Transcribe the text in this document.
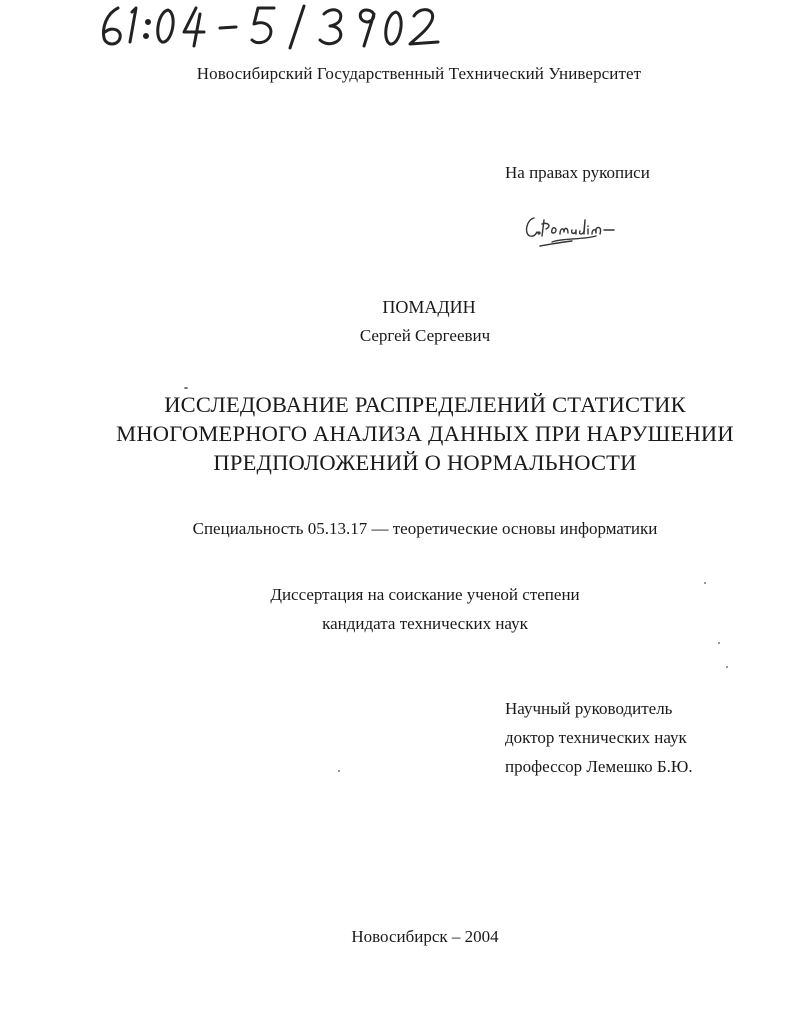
Новосибирский Государственный Технический Университет
На правах рукописи
ПОМАДИН
Сергей Сергеевич
ИССЛЕДОВАНИЕ РАСПРЕДЕЛЕНИЙ СТАТИСТИК
МНОГОМЕРНОГО АНАЛИЗА ДАННЫХ ПРИ НАРУШЕНИИ
ПРЕДПОЛОЖЕНИЙ О НОРМАЛЬНОСТИ
Специальность 05.13.17 — теоретические основы информатики
Диссертация на соискание ученой степени
кандидата технических наук
Научный руководитель
доктор технических наук
профессор Лемешко Б.Ю.
Новосибирск – 2004
